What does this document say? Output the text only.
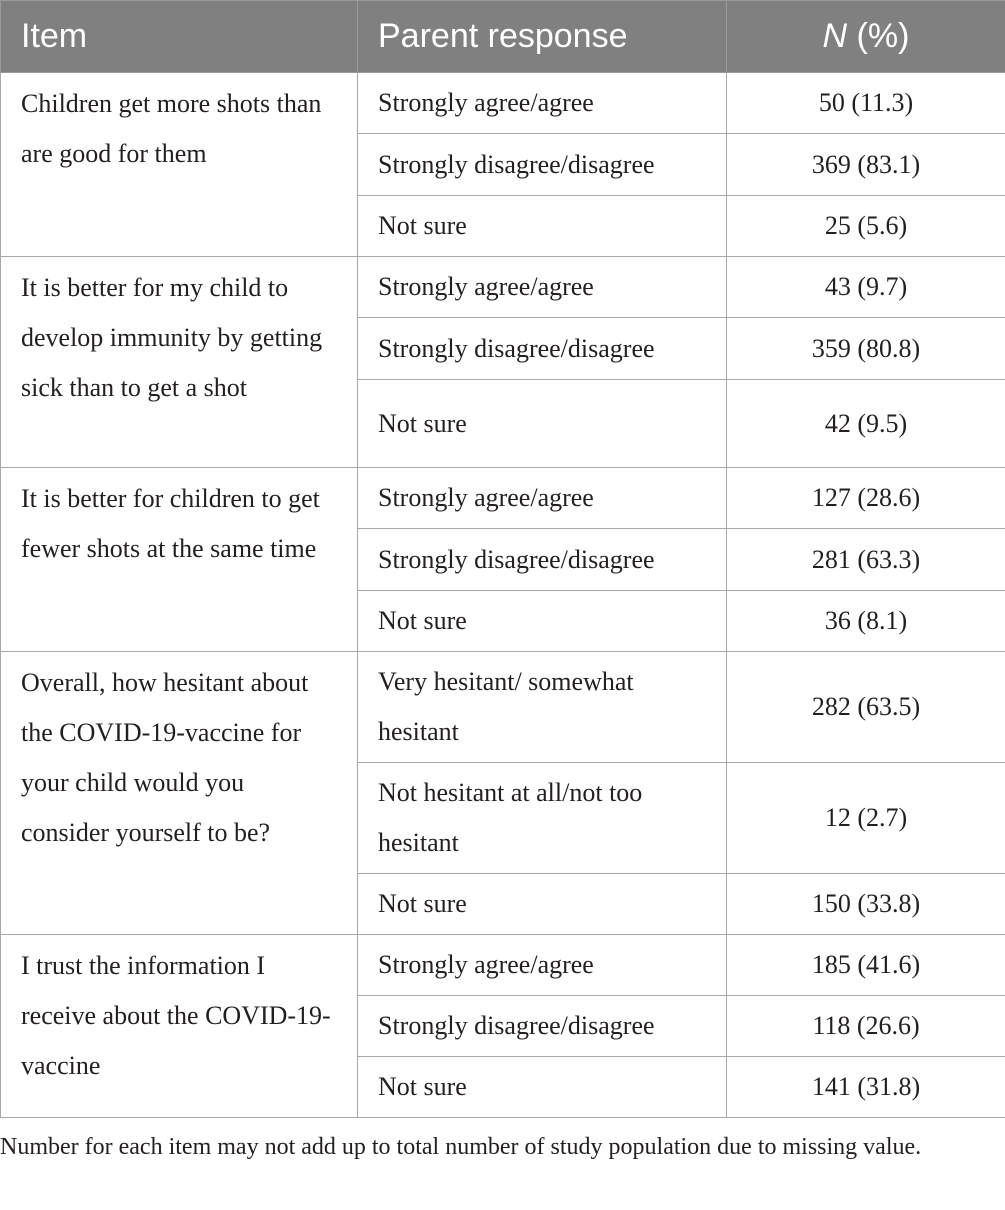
Item	Parent response	N (%)
Children get more shots than are good for them	Strongly agree/agree	50 (11.3)
	Strongly disagree/disagree	369 (83.1)
	Not sure	25 (5.6)
It is better for my child to develop immunity by getting sick than to get a shot	Strongly agree/agree	43 (9.7)
	Strongly disagree/disagree	359 (80.8)
	Not sure	42 (9.5)
It is better for children to get fewer shots at the same time	Strongly agree/agree	127 (28.6)
	Strongly disagree/disagree	281 (63.3)
	Not sure	36 (8.1)
Overall, how hesitant about the COVID-19-vaccine for your child would you consider yourself to be?	Very hesitant/ somewhat hesitant	282 (63.5)
	Not hesitant at all/not too hesitant	12 (2.7)
	Not sure	150 (33.8)
I trust the information I receive about the COVID-19-vaccine	Strongly agree/agree	185 (41.6)
	Strongly disagree/disagree	118 (26.6)
	Not sure	141 (31.8)
Number for each item may not add up to total number of study population due to missing value.
